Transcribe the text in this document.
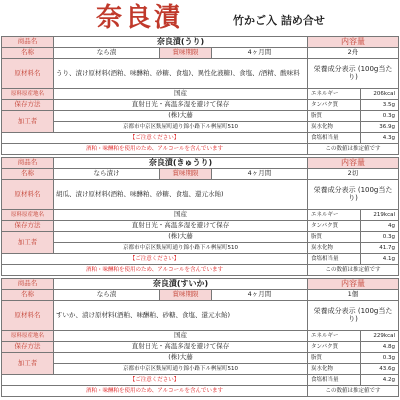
奈良漬	竹かご入 詰め合せ
商品名	奈良漬(うり)			内容量	
名称	なら漬	賞味期限	4ヶ月間	2舟	
原材料名	うり、漬け原材料(酒粕、味醂粕、砂糖、食塩)、異性化液糖)、食塩、/酒精、酸味料			栄養成分表示 (100g当たり)	
原料原産地名	国産			エネルギー	206kcal
保存方法	直射日光・高温多湿を避けて保存			タンパク質	3.5g
加工者	(株)大藤			脂質	0.3g
	京都市中京区麩屋町通り錦小路下ル桝屋町510			炭水化物	36.9g
【ご注意ください】				食塩相当量	4.3g
酒粕・味醂粕を使用のため、アルコールを含んでいます				この数値は推定値です	
商品名	奈良漬(きゅうり)			内容量	
名称	なら漬け	賞味期限	4ヶ月間	2切	
原材料名	胡瓜、漬け原材料(酒粕、味醂粕、砂糖、食塩、還元水飴)			栄養成分表示 (100g当たり)	
原料原産地名	国産			エネルギー	219kcal
保存方法	直射日光・高温多湿を避けて保存			タンパク質	4g
加工者	(株)大藤			脂質	0.3g
	京都市中京区麩屋町通り錦小路下ル桝屋町510			炭水化物	41.7g
【ご注意ください】				食塩相当量	4.1g
酒粕・味醂粕を使用のため、アルコールを含んでいます				この数値は推定値です	
商品名	奈良漬(すいか)			内容量	
名称	なら漬	賞味期限	4ヶ月間	1個	
原材料名	すいか、漬け原材料(酒粕、味醂粕、砂糖、食塩、還元水飴)			栄養成分表示 (100g当たり)	
原料原産地名	国産			エネルギー	229kcal
保存方法	直射日光・高温多湿を避けて保存			タンパク質	4.8g
加工者	(株)大藤			脂質	0.3g
	京都市中京区麩屋町通り錦小路下ル桝屋町510			炭水化物	43.6g
【ご注意ください】				食塩相当量	4.2g
酒粕・味醂粕を使用のため、アルコールを含んでいます				この数値は推定値です	
